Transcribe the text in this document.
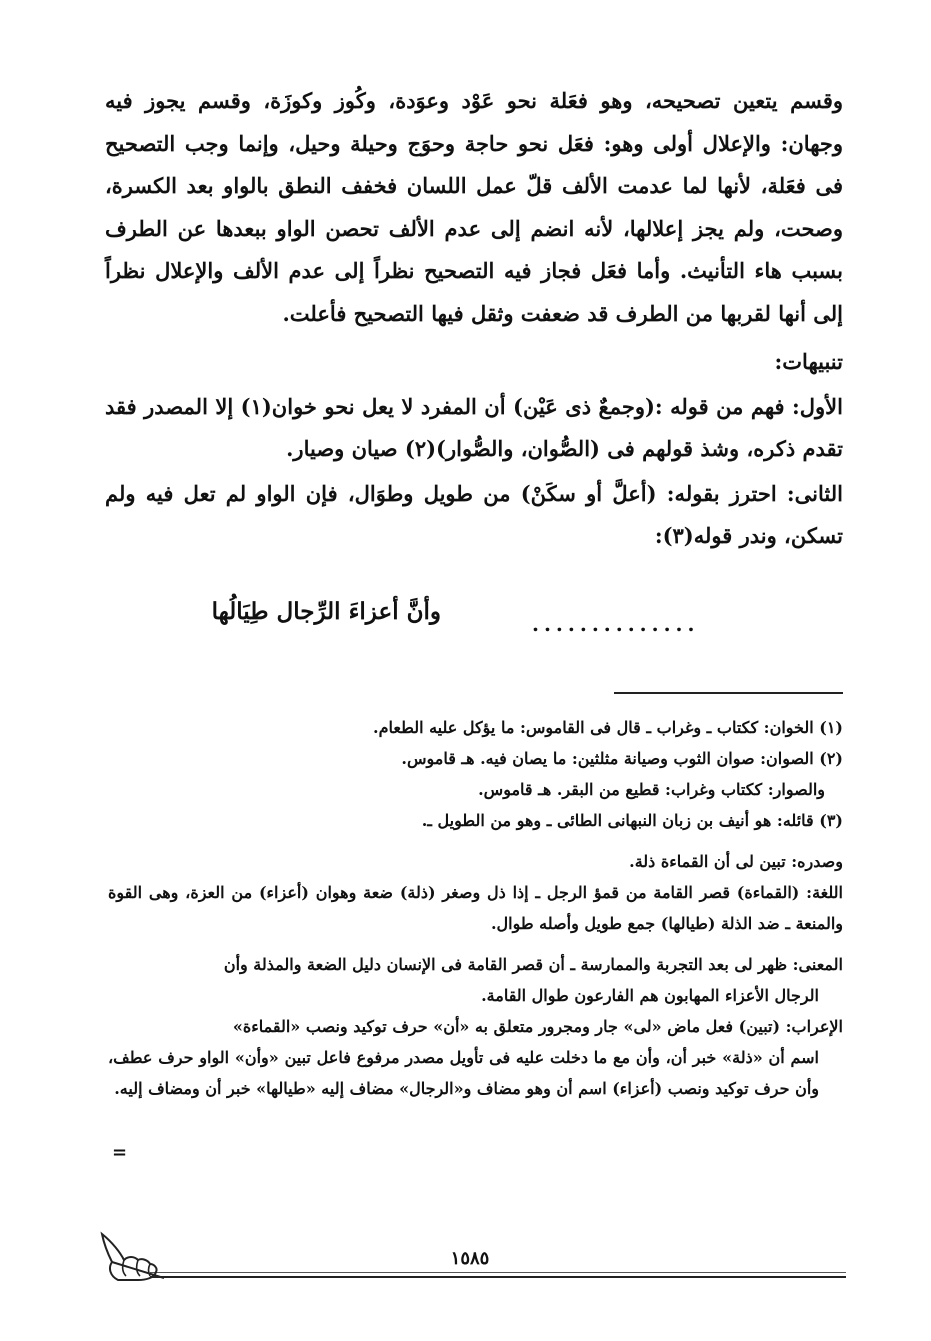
وقسم يتعين تصحيحه، وهو فعَلة نحو عَوْد وعوَدة، وكُوز وكوزَة، وقسم يجوز فيه وجهان: والإعلال أولى وهو: فعَل نحو حاجة وحوَج وحيلة وحيل، وإنما وجب التصحيح فى فعَلة، لأنها لما عدمت الألف قلّ عمل اللسان فخفف النطق بالواو بعد الكسرة، وصحت، ولم يجز إعلالها، لأنه انضم إلى عدم الألف تحصن الواو ببعدها عن الطرف بسبب هاء التأنيث. وأما فعَل فجاز فيه التصحيح نظراً إلى عدم الألف والإعلال نظراً إلى أنها لقربها من الطرف قد ضعفت وثقل فيها التصحيح فأعلت.

تنبيهات:

الأول: فهم من قوله :(وجمعٌ ذى عَيْن) أن المفرد لا يعل نحو خوان(١) إلا المصدر فقد تقدم ذكره، وشذ قولهم فى (الصُّوان، والصُّوار)(٢) صيان وصيار.

الثانى: احترز بقوله: (أعلَّ أو سكَنْ) من طويل وطوَال، فإن الواو لم تعل فيه ولم تسكن، وندر قوله(٣):

وأنَّ أعزاءَ الرِّجال طِيَالُها	..............

(١) الخوان: ككتاب ـ وغراب ـ قال فى القاموس: ما يؤكل عليه الطعام.

(٢) الصوان: صوان الثوب وصيانة مثلثين: ما يصان فيه. هـ قاموس.

والصوار: ككتاب وغراب: قطيع من البقر. هـ قاموس.

(٣) قائله: هو أنيف بن زبان النبهانى الطائى ـ وهو من الطويل ـ.

وصدره: تبين لى أن القماءة ذلة.

اللغة: (القماءة) قصر القامة من قمؤ الرجل ـ إذا ذل وصغر (ذلة) ضعة وهوان (أعزاء) من العزة، وهى القوة والمنعة ـ ضد الذلة (طيالها) جمع طويل وأصله طوال.

المعنى: ظهر لى بعد التجربة والممارسة ـ أن قصر القامة فى الإنسان دليل الضعة والمذلة وأن

الرجال الأعزاء المهابون هم الفارعون طوال القامة.

الإعراب: (تبين) فعل ماض «لى» جار ومجرور متعلق به «أن» حرف توكيد ونصب «القماءة»

اسم أن «ذلة» خبر أن، وأن مع ما دخلت عليه فى تأويل مصدر مرفوع فاعل تبين «وأن» الواو حرف عطف، وأن حرف توكيد ونصب (أعزاء) اسم أن وهو مضاف و«الرجال» مضاف إليه «طيالها» خبر أن ومضاف إليه.

=
١٥٨٥
